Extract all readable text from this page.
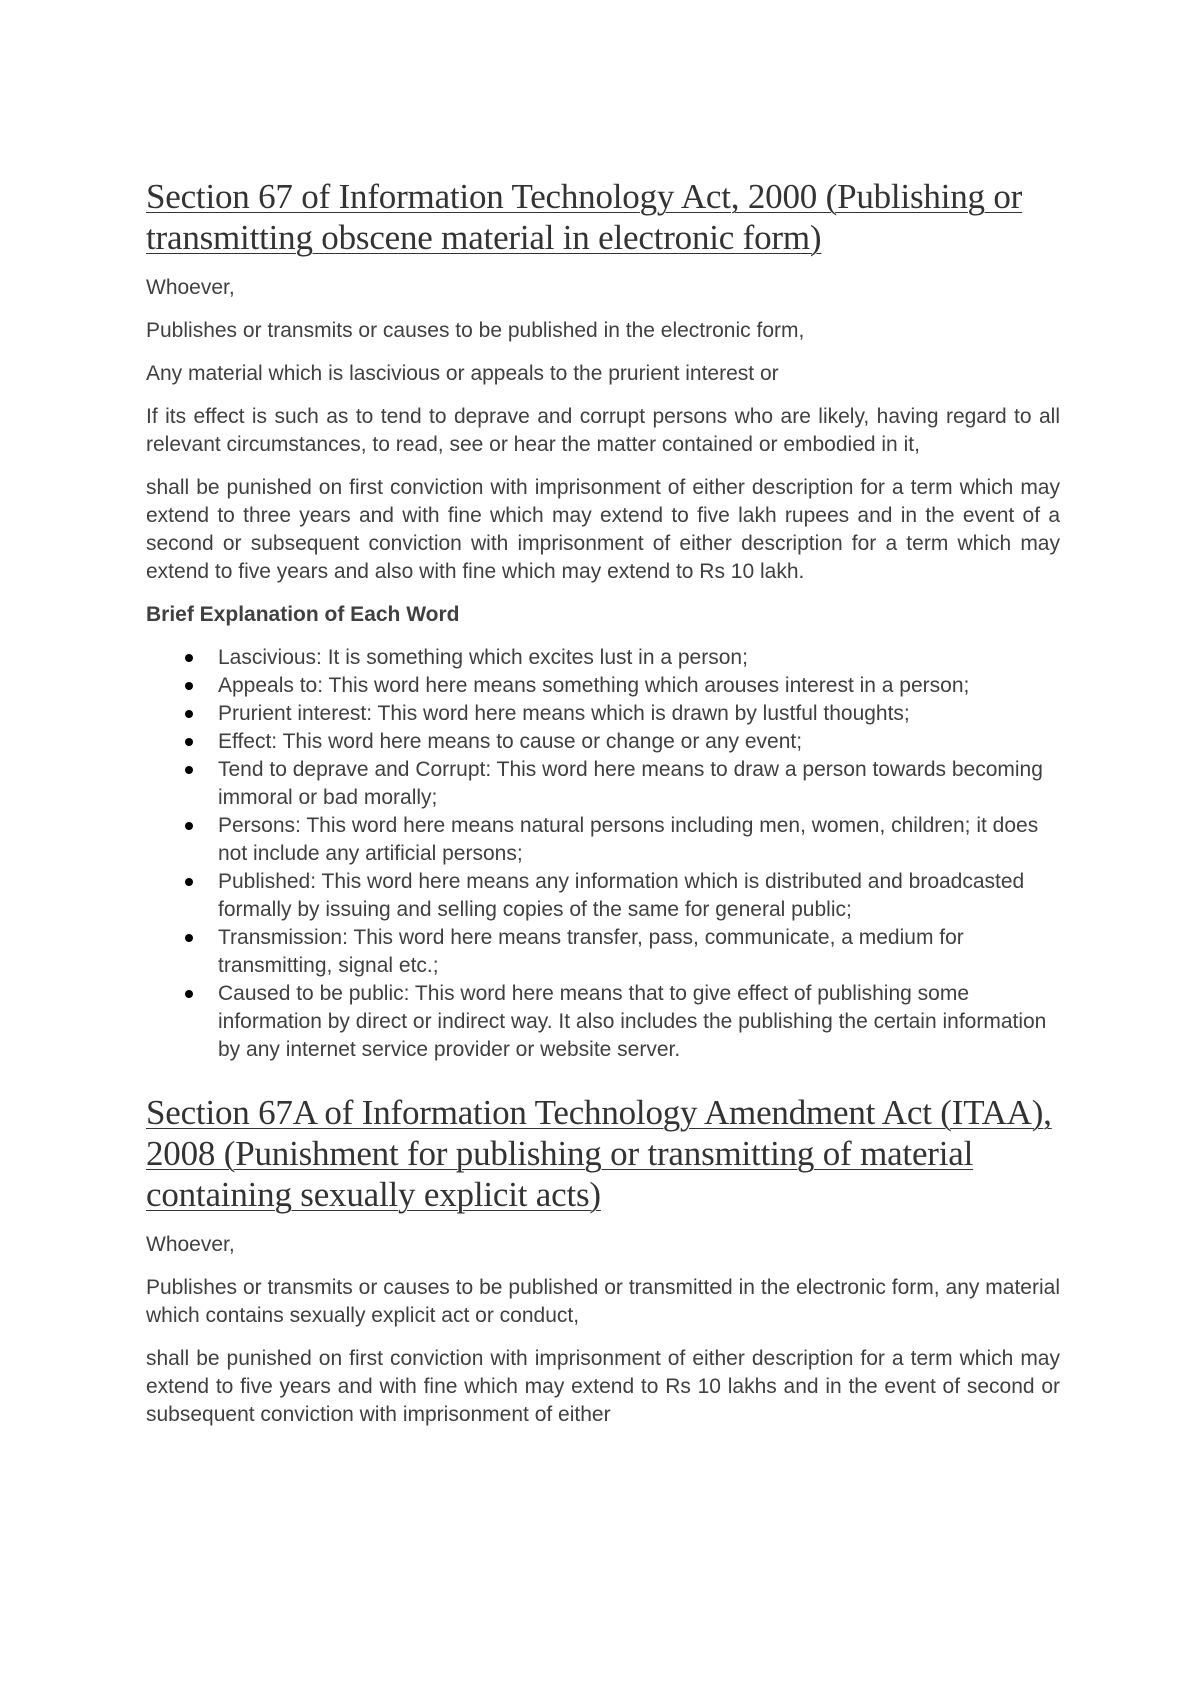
Section 67 of Information Technology Act, 2000 (Publishing or transmitting obscene material in electronic form)

Whoever,

Publishes or transmits or causes to be published in the electronic form,

Any material which is lascivious or appeals to the prurient interest or

If its effect is such as to tend to deprave and corrupt persons who are likely, having regard to all relevant circumstances, to read, see or hear the matter contained or embodied in it,

shall be punished on first conviction with imprisonment of either description for a term which may extend to three years and with fine which may extend to five lakh rupees and in the event of a second or subsequent conviction with imprisonment of either description for a term which may extend to five years and also with fine which may extend to Rs 10 lakh.

Brief Explanation of Each Word
Lascivious: It is something which excites lust in a person;
Appeals to: This word here means something which arouses interest in a person;
Prurient interest: This word here means which is drawn by lustful thoughts;
Effect: This word here means to cause or change or any event;
Tend to deprave and Corrupt: This word here means to draw a person towards becoming immoral or bad morally;
Persons: This word here means natural persons including men, women, children; it does not include any artificial persons;
Published: This word here means any information which is distributed and broadcasted formally by issuing and selling copies of the same for general public;
Transmission: This word here means transfer, pass, communicate, a medium for transmitting, signal etc.;
Caused to be public: This word here means that to give effect of publishing some information by direct or indirect way. It also includes the publishing the certain information by any internet service provider or website server.
Section 67A of Information Technology Amendment Act (ITAA), 2008 (Punishment for publishing or transmitting of material containing sexually explicit acts)

Whoever,

Publishes or transmits or causes to be published or transmitted in the electronic form, any material which contains sexually explicit act or conduct,

shall be punished on first conviction with imprisonment of either description for a term which may extend to five years and with fine which may extend to Rs 10 lakhs and in the event of second or subsequent conviction with imprisonment of either
